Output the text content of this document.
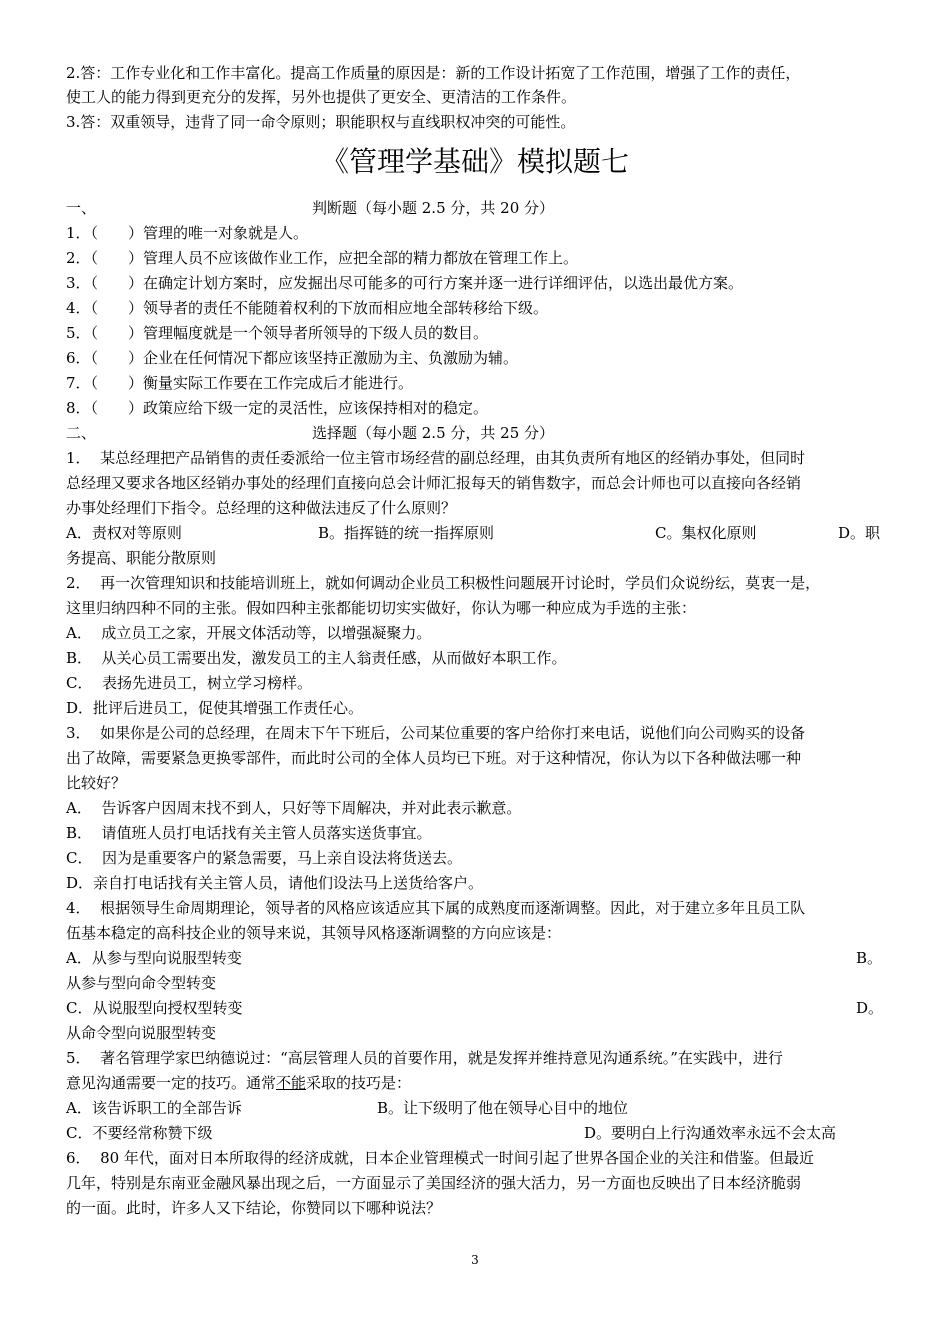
2.答：工作专业化和工作丰富化。提高工作质量的原因是：新的工作设计拓宽了工作范围，增强了工作的责任，
使工人的能力得到更充分的发挥，另外也提供了更安全、更清洁的工作条件。
3.答：双重领导，违背了同一命令原则；职能职权与直线职权冲突的可能性。
《管理学基础》模拟题七
一、	判断题（每小题 2.5 分，共 20 分）
1．（　　）管理的唯一对象就是人。
2．（　　）管理人员不应该做作业工作，应把全部的精力都放在管理工作上。
3．（　　）在确定计划方案时，应发掘出尽可能多的可行方案并逐一进行详细评估，以选出最优方案。
4．（　　）领导者的责任不能随着权利的下放而相应地全部转移给下级。
5．（　　）管理幅度就是一个领导者所领导的下级人员的数目。
6．（　　）企业在任何情况下都应该坚持正激励为主、负激励为辅。
7．（　　）衡量实际工作要在工作完成后才能进行。
8．（　　）政策应给下级一定的灵活性，应该保持相对的稳定。
二、	选择题（每小题 2.5 分，共 25 分）
1．  某总经理把产品销售的责任委派给一位主管市场经营的副总经理，由其负责所有地区的经销办事处，但同时
总经理又要求各地区经销办事处的经理们直接向总会计师汇报每天的销售数字，而总会计师也可以直接向各经销
办事处经理们下指令。总经理的这种做法违反了什么原则？
A．责权对等原则	B。指挥链的统一指挥原则	C。集权化原则	D。职
务提高、职能分散原则
2．  再一次管理知识和技能培训班上，就如何调动企业员工积极性问题展开讨论时，学员们众说纷纭，莫衷一是，
这里归纳四种不同的主张。假如四种主张都能切切实实做好，你认为哪一种应成为手选的主张：
A．  成立员工之家，开展文体活动等，以增强凝聚力。
B．  从关心员工需要出发，激发员工的主人翁责任感，从而做好本职工作。
C．  表扬先进员工，树立学习榜样。
D．批评后进员工，促使其增强工作责任心。
3．  如果你是公司的总经理，在周末下午下班后，公司某位重要的客户给你打来电话，说他们向公司购买的设备
出了故障，需要紧急更换零部件，而此时公司的全体人员均已下班。对于这种情况，你认为以下各种做法哪一种
比较好？
A．  告诉客户因周末找不到人，只好等下周解决，并对此表示歉意。
B．  请值班人员打电话找有关主管人员落实送货事宜。
C．  因为是重要客户的紧急需要，马上亲自设法将货送去。
D．亲自打电话找有关主管人员，请他们设法马上送货给客户。
4．  根据领导生命周期理论，领导者的风格应该适应其下属的成熟度而逐渐调整。因此，对于建立多年且员工队
伍基本稳定的高科技企业的领导来说，其领导风格逐渐调整的方向应该是：
A．从参与型向说服型转变	B。
从参与型向命令型转变
C．从说服型向授权型转变	D。
从命令型向说服型转变
5．  著名管理学家巴纳德说过：“高层管理人员的首要作用，就是发挥并维持意见沟通系统。”在实践中，进行
意见沟通需要一定的技巧。通常不能采取的技巧是：
A．该告诉职工的全部告诉	B。让下级明了他在领导心目中的地位
C．不要经常称赞下级	D。要明白上行沟通效率永远不会太高
6．  80 年代，面对日本所取得的经济成就，日本企业管理模式一时间引起了世界各国企业的关注和借鉴。但最近
几年，特别是东南亚金融风暴出现之后，一方面显示了美国经济的强大活力，另一方面也反映出了日本经济脆弱
的一面。此时，许多人又下结论，你赞同以下哪种说法？
3
